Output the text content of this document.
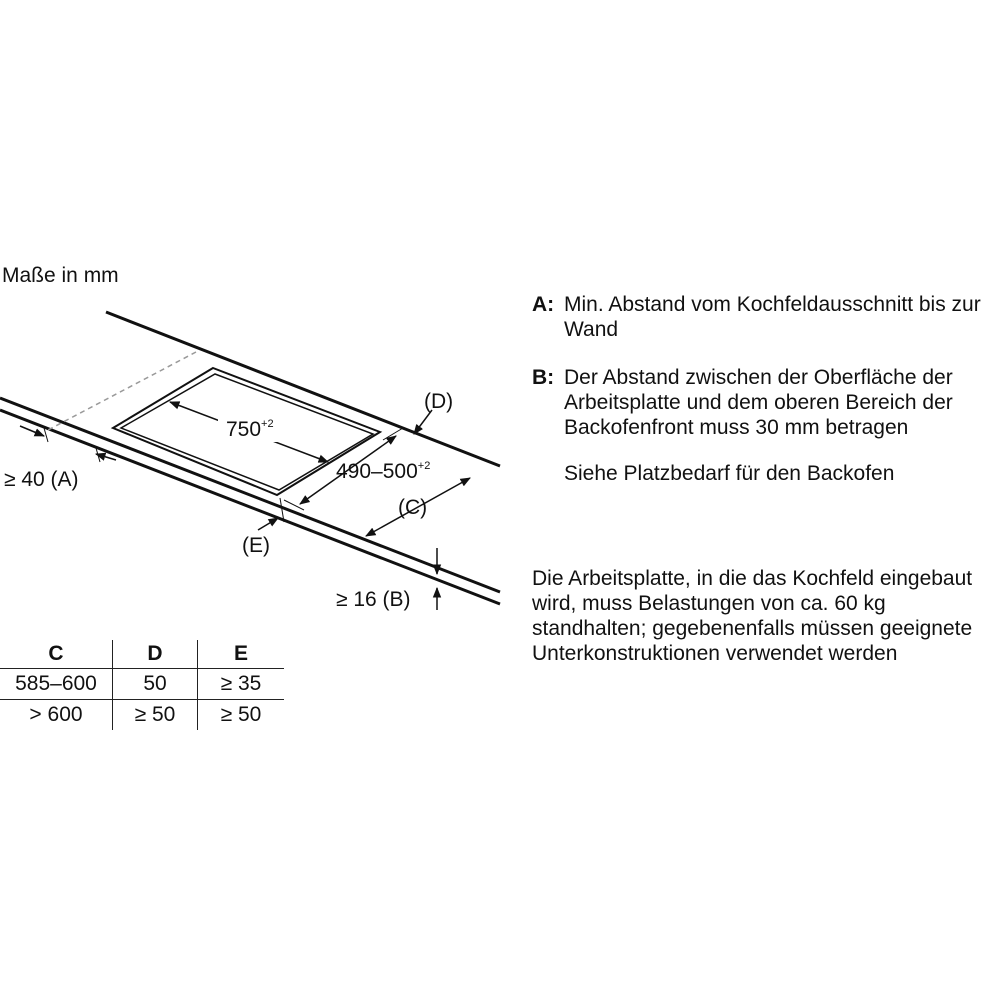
Maße in mm
$750^{+2}$
$490-500^{+2}$
(D)
(C)
(E)
≥ 40 (A)
≥ 16 (B)
C	D	E
585–600	50	≥ 35
> 600	≥ 50	≥ 50
A: Min. Abstand vom Kochfeldausschnitt bis zur Wand
B: Der Abstand zwischen der Oberfläche der Arbeitsplatte und dem oberen Bereich der Backofenfront muss 30 mm betragen
Siehe Platzbedarf für den Backofen
Die Arbeitsplatte, in die das Kochfeld eingebaut wird, muss Belastungen von ca. 60 kg standhalten; gegebenenfalls müssen geeignete Unterkonstruktionen verwendet werden
